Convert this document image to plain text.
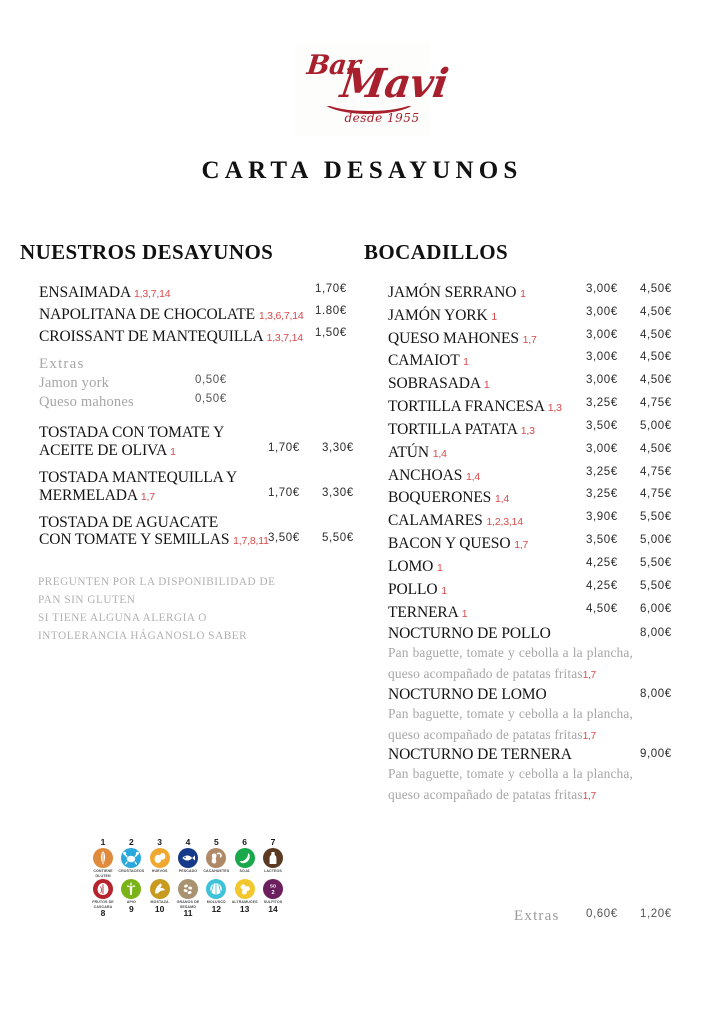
Bar
Mavi
desde 1955
CARTA DESAYUNOS
NUESTROS DESAYUNOS
ENSAIMADA 1,3,7,14	1,70€
NAPOLITANA DE CHOCOLATE 1,3,6,7,14 1.80€
CROISSANT DE MANTEQUILLA 1,3,7,14 1,50€
Extras
Jamon york	0,50€
Queso mahones	0,50€
TOSTADA CON TOMATE Y
ACEITE DE OLIVA 1	1,70€ 3,30€
TOSTADA MANTEQUILLA Y
MERMELADA 1,7	1,70€ 3,30€
TOSTADA DE AGUACATE
CON TOMATE Y SEMILLAS 1,7,8,11 3,50€ 5,50€
PREGUNTEN POR LA DISPONIBILIDAD DE PAN SIN GLUTEN
SI TIENE ALGUNA ALERGIA O INTOLERANCIA HÁGANOSLO SABER
BOCADILLOS
JAMÓN SERRANO 1	3,00€ 4,50€
JAMÓN YORK 1	3,00€ 4,50€
QUESO MAHONES 1,7	3,00€ 4,50€
CAMAIOT 1	3,00€ 4,50€
SOBRASADA 1	3,00€ 4,50€
TORTILLA FRANCESA 1,3 3,25€ 4,75€
TORTILLA PATATA 1,3	3,50€ 5,00€
ATÚN 1,4	3,00€ 4,50€
ANCHOAS 1,4	3,25€ 4,75€
BOQUERONES 1,4	3,25€ 4,75€
CALAMARES 1,2,3,14	3,90€ 5,50€
BACON Y QUESO 1,7	3,50€ 5,00€
LOMO 1	4,25€ 5,50€
POLLO 1	4,25€ 5,50€
TERNERA 1	4,50€ 6,00€
NOCTURNO DE POLLO	8,00€
Pan baguette, tomate y cebolla a la plancha, queso acompañado de patatas fritas1,7
NOCTURNO DE LOMO	8,00€
Pan baguette, tomate y cebolla a la plancha, queso acompañado de patatas fritas1,7
NOCTURNO DE TERNERA	9,00€
Pan baguette, tomate y cebolla a la plancha, queso acompañado de patatas fritas1,7
Extras 0,60€ 1,20€
1
CONTIENE GLUTEN
2
CRUSTACEOS
3
HUEVOS
4
PESCADO
5
CACAHUETES
6
SOJA
7
LACTEOS
FRUTOS DE CASCARA
8
APIO
9
MOSTAZA
10
GRANOS DE SESAMO
11
MOLUSCO
12
ALTRAMUCES
13
SO
2
SULFITOS
14
